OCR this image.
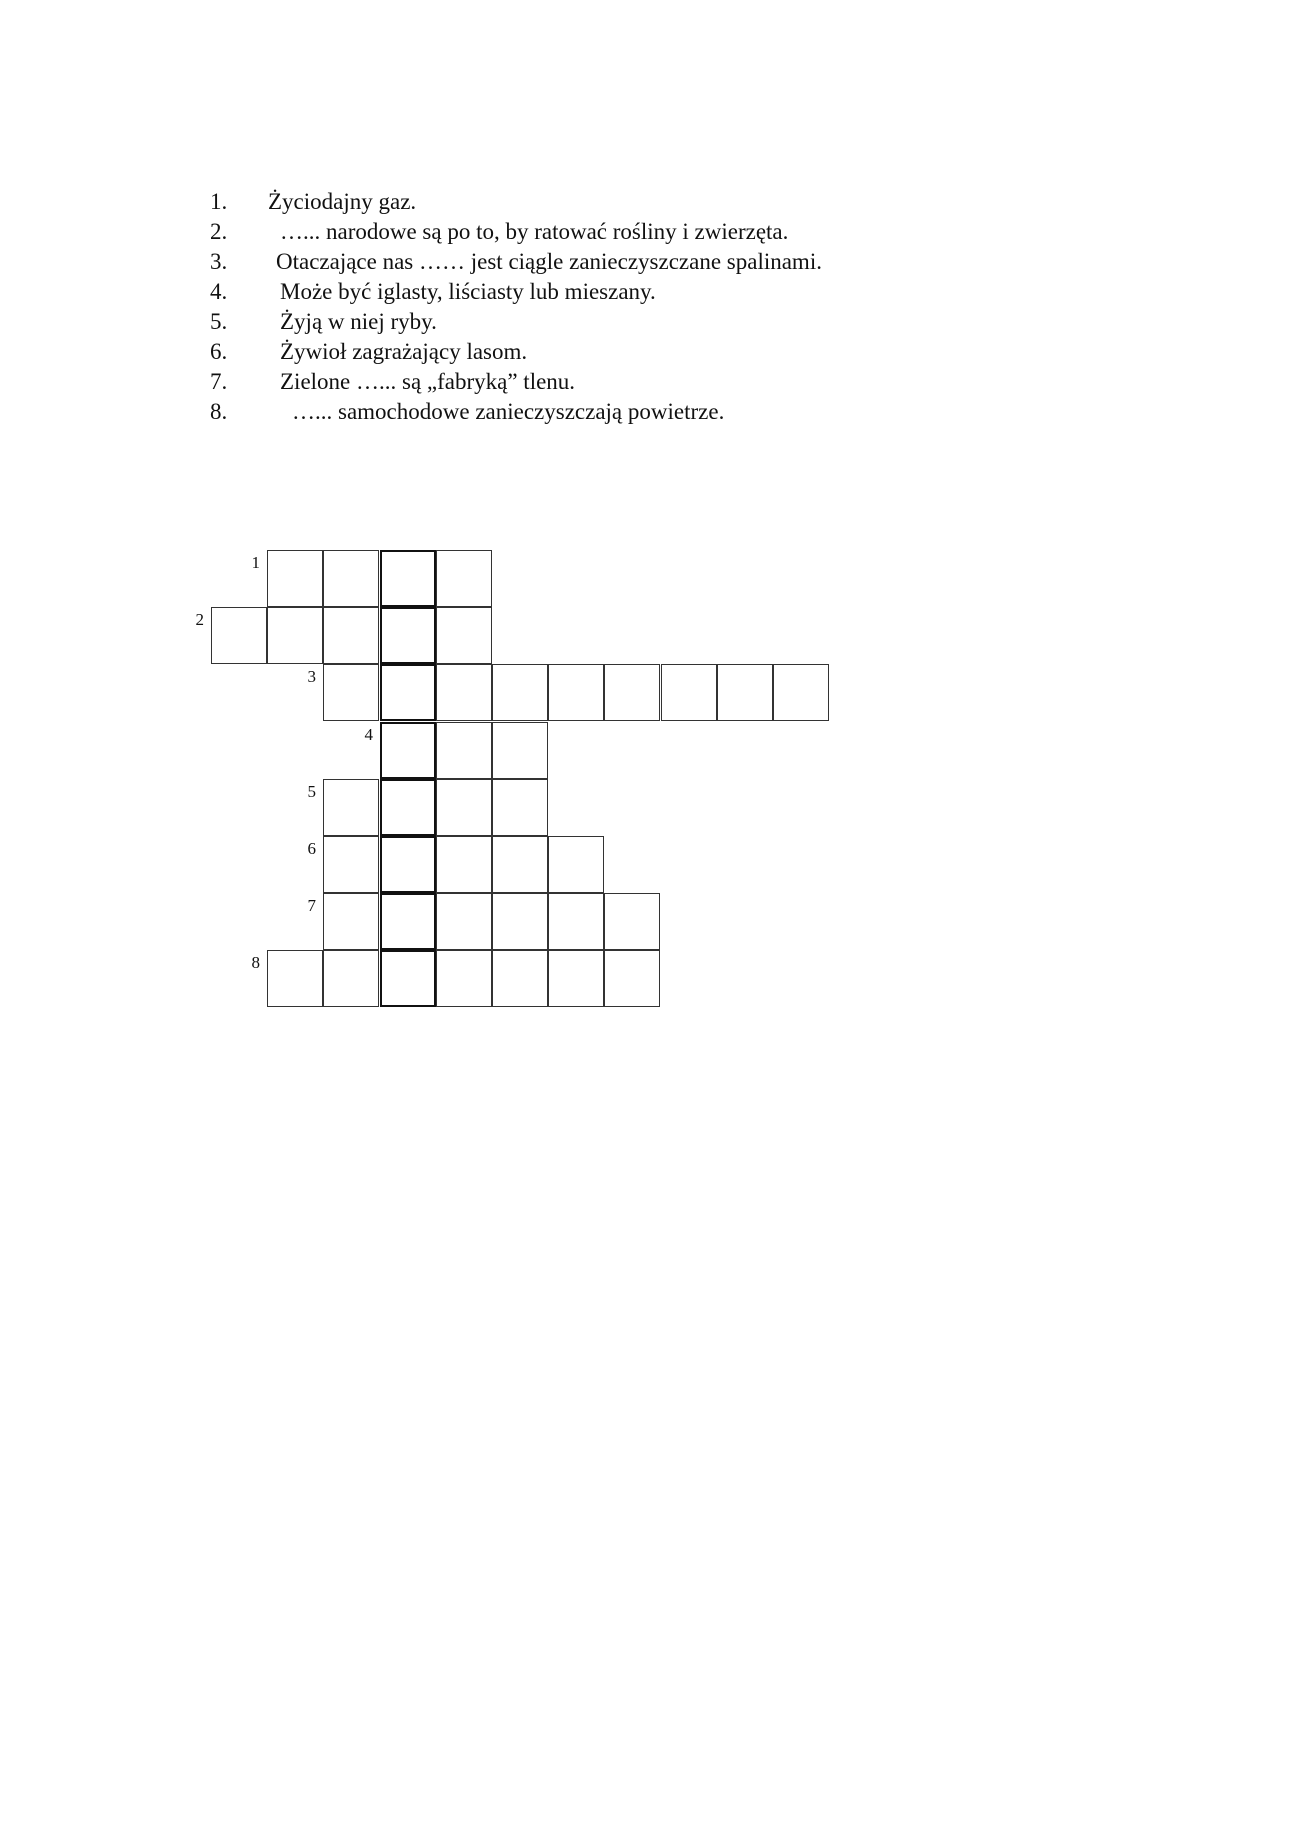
1. Życiodajny gaz.
2. …... narodowe są po to, by ratować rośliny i zwierzęta.
3. Otaczające nas …… jest ciągle zanieczyszczane spalinami.
4. Może być iglasty, liściasty lub mieszany.
5. Żyją w niej ryby.
6. Żywioł zagrażający lasom.
7. Zielone …... są „fabryką” tlenu.
8.	…... samochodowe zanieczyszczają powietrze.
1
2
3
4
5
6
7
8
